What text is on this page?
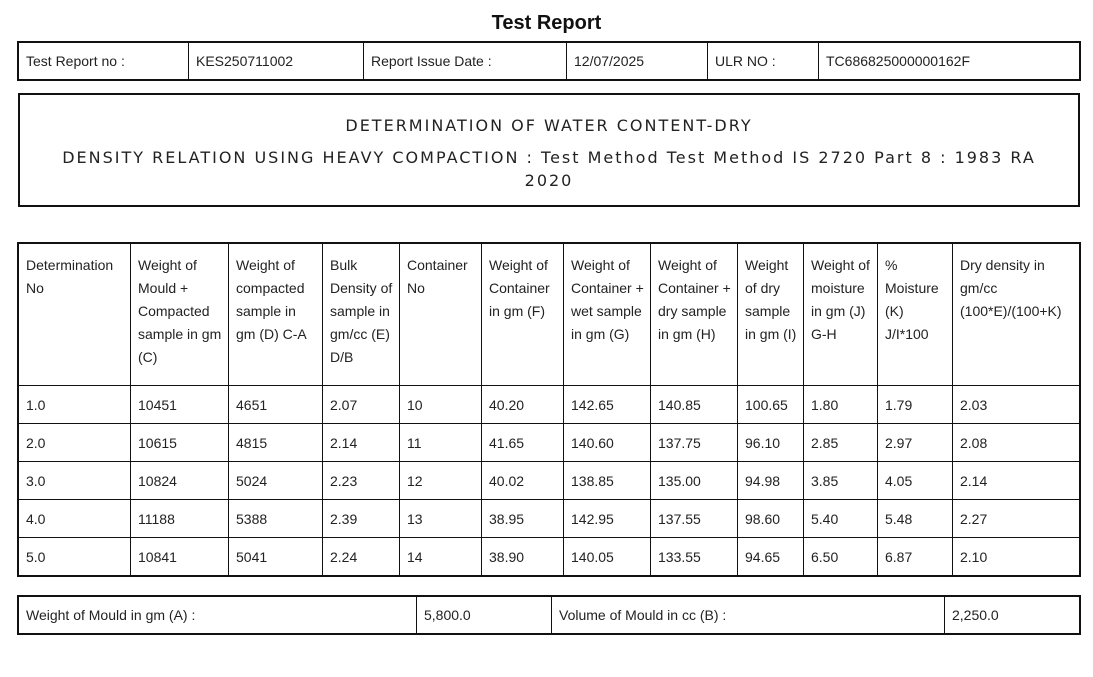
Test Report
Test Report no :	KES250711002	Report Issue Date :	12/07/2025	ULR NO :	TC686825000000162F
DETERMINATION OF WATER CONTENT-DRY
DENSITY RELATION USING HEAVY COMPACTION : Test Method Test Method IS 2720 Part 8 : 1983 RA 2020
Determination No	Weight of Mould + Compacted sample in gm (C)	Weight of compacted sample in gm (D) C-A	Bulk Density of sample in gm/cc (E) D/B	Container No	Weight of Container in gm (F)	Weight of Container + wet sample in gm (G)	Weight of Container + dry sample in gm (H)	Weight of dry sample in gm (I)	Weight of moisture in gm (J) G-H	% Moisture (K) J/I*100	Dry density in gm/cc (100*E)/(100+K)
1.0	10451	4651	2.07	10	40.20	142.65	140.85	100.65	1.80	1.79	2.03
2.0	10615	4815	2.14	11	41.65	140.60	137.75	96.10	2.85	2.97	2.08
3.0	10824	5024	2.23	12	40.02	138.85	135.00	94.98	3.85	4.05	2.14
4.0	11188	5388	2.39	13	38.95	142.95	137.55	98.60	5.40	5.48	2.27
5.0	10841	5041	2.24	14	38.90	140.05	133.55	94.65	6.50	6.87	2.10
Weight of Mould in gm (A) :	5,800.0	Volume of Mould in cc (B) :	2,250.0
